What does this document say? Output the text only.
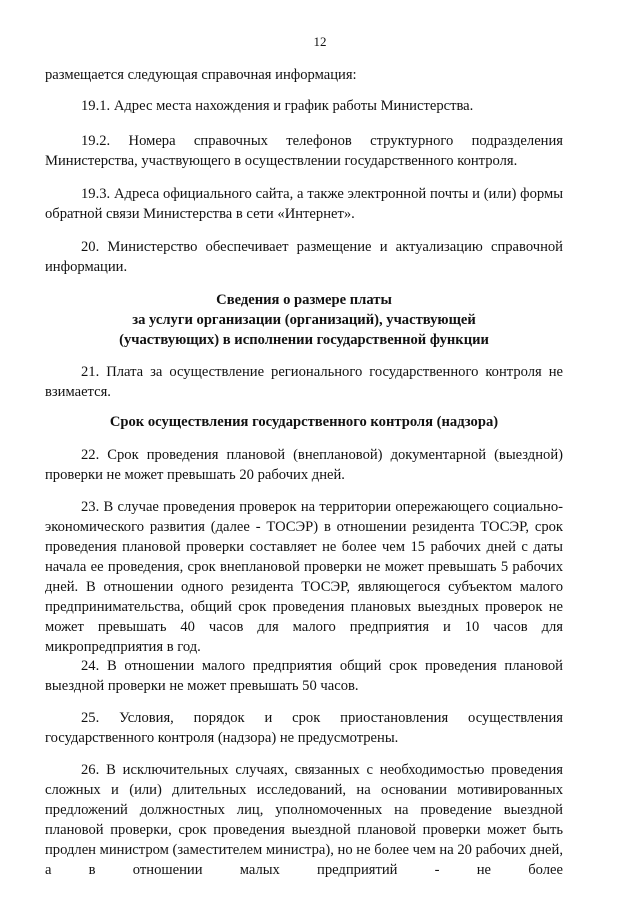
12

размещается следующая справочная информация:

19.1. Адрес места нахождения и график работы Министерства.

19.2. Номера справочных телефонов структурного подразделения Министерства, участвующего в осуществлении государственного контроля.

19.3. Адреса официального сайта, а также электронной почты и (или) формы обратной связи Министерства в сети «Интернет».

20. Министерство обеспечивает размещение и актуализацию справочной информации.

Сведения о размере платы
за услуги организации (организаций), участвующей
(участвующих) в исполнении государственной функции

21. Плата за осуществление регионального государственного контроля не взимается.

Срок осуществления государственного контроля (надзора)

22. Срок проведения плановой (внеплановой) документарной (выездной) проверки не может превышать 20 рабочих дней.

23. В случае проведения проверок на территории опережающего социально-экономического развития (далее - ТОСЭР) в отношении резидента ТОСЭР, срок проведения плановой проверки составляет не более чем 15 рабочих дней с даты начала ее проведения, срок внеплановой проверки не может превышать 5 рабочих дней. В отношении одного резидента ТОСЭР, являющегося субъектом малого предпринимательства, общий срок проведения плановых выездных проверок не может превышать 40 часов для малого предприятия и 10 часов для микропредприятия в год.

24. В отношении малого предприятия общий срок проведения плановой выездной проверки не может превышать 50 часов.

25. Условия, порядок и срок приостановления осуществления государственного контроля (надзора) не предусмотрены.

26. В исключительных случаях, связанных с необходимостью проведения сложных и (или) длительных исследований, на основании мотивированных предложений должностных лиц, уполномоченных на проведение выездной плановой проверки, срок проведения выездной плановой проверки может быть продлен министром (заместителем министра), но не более чем на 20 рабочих дней, а в отношении малых предприятий - не более
